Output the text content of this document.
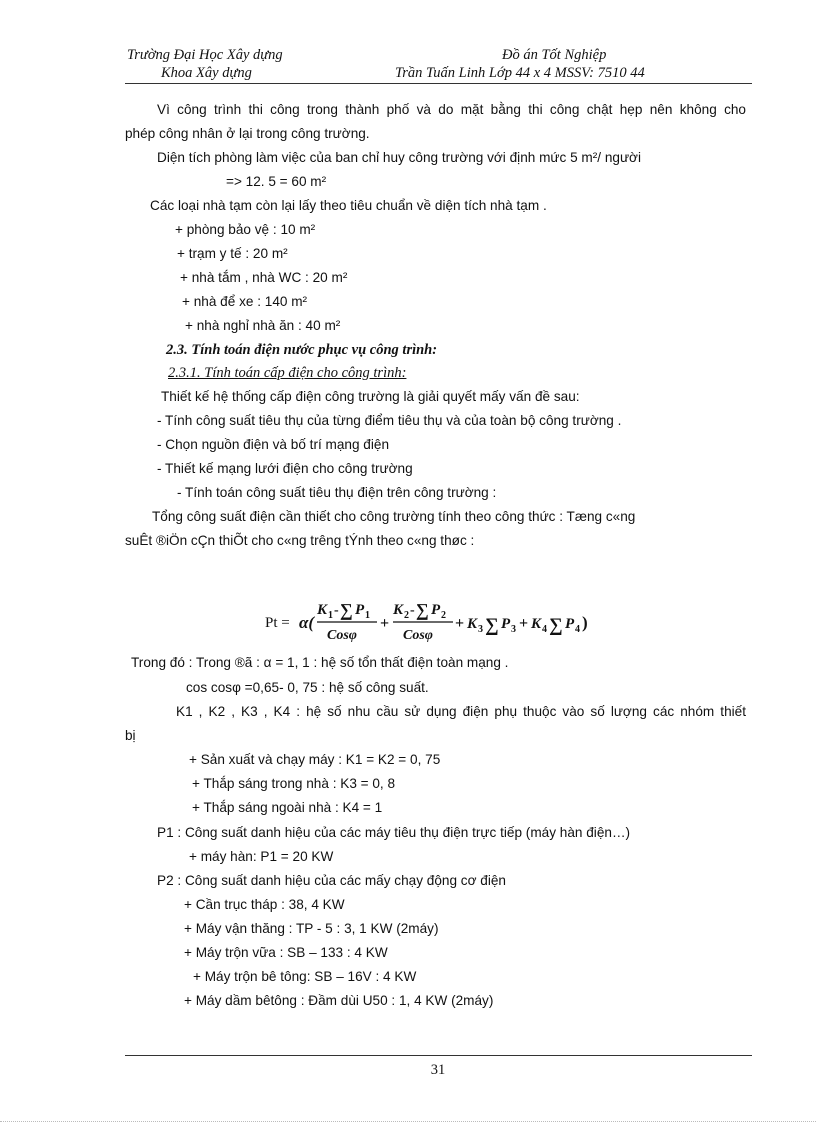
Trường Đại Học Xây dựng	Đồ án Tốt Nghiệp
Khoa Xây dựng	Trần Tuấn Linh Lớp 44 x 4 MSSV: 7510 44
Vì công trình thi công trong thành phố và do mặt bằng thi công chật hẹp nên không cho
phép công nhân ở lại trong công trường.
Diện tích phòng làm việc của ban chỉ huy công trường với định mức 5 m²/ người
=> 12. 5 = 60 m²
Các loại nhà tạm còn lại lấy theo tiêu chuẩn về diện tích nhà tạm .
+ phòng bảo vệ : 10 m²
+ trạm y tế : 20 m²
+ nhà tắm , nhà WC : 20 m²
+ nhà để xe : 140 m²
+ nhà nghỉ nhà ăn : 40 m²
2.3. Tính toán điện nước phục vụ công trình:
2.3.1. Tính toán cấp điện cho công trình:
Thiết kế hệ thống cấp điện công trường là giải quyết mấy vấn đề sau:
- Tính công suất tiêu thụ của từng điểm tiêu thụ và của toàn bộ công trường .
- Chọn nguồn điện và bố trí mạng điện
- Thiết kế mạng lưới điện cho công trường
- Tính toán công suất tiêu thụ điện trên công trường :
Tổng công suất điện cần thiết cho công trường tính theo công thức : Tæng c«ng
suÊt ®iÖn cÇn thiÕt cho c«ng trêng tÝnh theo c«ng thøc :
Pt = α(
K 1 - ∑ P 1
Cosφ
+
K 2 - ∑ P 2
Cosφ
+ K 3 ∑ P 3 + K 4 ∑ P 4 )
Trong đó : Trong ®ã : α = 1, 1 : hệ số tổn thất điện toàn mạng .
cos cosφ =0,65- 0, 75 : hệ số công suất.
K1 , K2 , K3 , K4 : hệ số nhu cầu sử dụng điện phụ thuộc vào số lượng các nhóm thiết
bị
+ Sản xuất và chạy máy : K1 = K2 = 0, 75
+ Thắp sáng trong nhà : K3 = 0, 8
+ Thắp sáng ngoài nhà : K4 = 1
P1 : Công suất danh hiệu của các máy tiêu thụ điện trực tiếp (máy hàn điện…)
+ máy hàn: P1 = 20 KW
P2 : Công suất danh hiệu của các mấy chạy động cơ điện
+ Cần trục tháp : 38, 4 KW
+ Máy vận thăng : TP - 5 : 3, 1 KW (2máy)
+ Máy trộn vữa : SB – 133 : 4 KW
+ Máy trộn bê tông: SB – 16V : 4 KW
+ Máy dầm bêtông : Đầm dùi U50 : 1, 4 KW (2máy)
31
